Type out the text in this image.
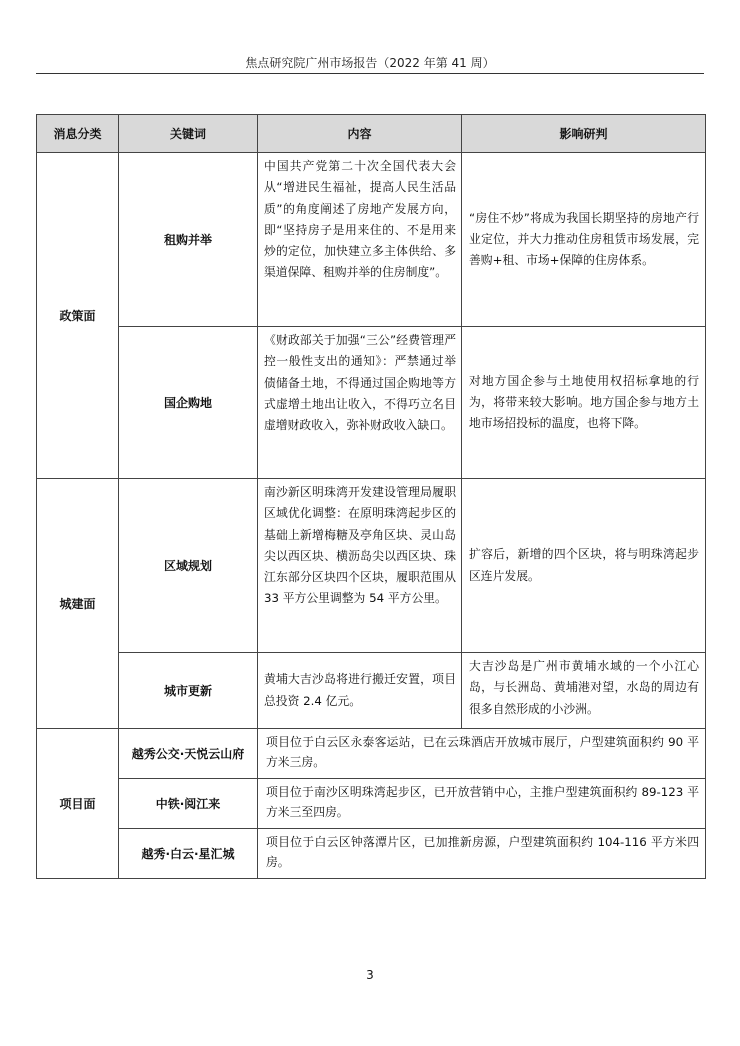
焦点研究院广州市场报告（2022 年第 41 周）
消息分类	关键词	内容	影响研判
政策面	租购并举	中国共产党第二十次全国代表大会从“增进民生福祉，提高人民生活品质”的角度阐述了房地产发展方向，即“坚持房子是用来住的、不是用来炒的定位，加快建立多主体供给、多渠道保障、租购并举的住房制度”。	“房住不炒”将成为我国长期坚持的房地产行业定位，并大力推动住房租赁市场发展，完善购+租、市场+保障的住房体系。
	国企购地	《财政部关于加强“三公”经费管理严控一般性支出的通知》：严禁通过举债储备土地，不得通过国企购地等方式虚增土地出让收入，不得巧立名目虚增财政收入，弥补财政收入缺口。	对地方国企参与土地使用权招标拿地的行为，将带来较大影响。地方国企参与地方土地市场招投标的温度，也将下降。
城建面	区域规划	南沙新区明珠湾开发建设管理局履职区域优化调整：在原明珠湾起步区的基础上新增梅糖及亭角区块、灵山岛尖以西区块、横沥岛尖以西区块、珠江东部分区块四个区块，履职范围从 33 平方公里调整为 54 平方公里。	扩容后，新增的四个区块，将与明珠湾起步区连片发展。
	城市更新	黄埔大吉沙岛将进行搬迁安置，项目总投资 2.4 亿元。	大吉沙岛是广州市黄埔水域的一个小江心岛，与长洲岛、黄埔港对望，水岛的周边有很多自然形成的小沙洲。
项目面	越秀公交·天悦云山府	项目位于白云区永泰客运站，已在云珠酒店开放城市展厅，户型建筑面积约 90 平方米三房。	
	中铁·阅江来	项目位于南沙区明珠湾起步区，已开放营销中心，主推户型建筑面积约 89-123 平方米三至四房。	
	越秀·白云·星汇城	项目位于白云区钟落潭片区，已加推新房源，户型建筑面积约 104-116 平方米四房。	
3
